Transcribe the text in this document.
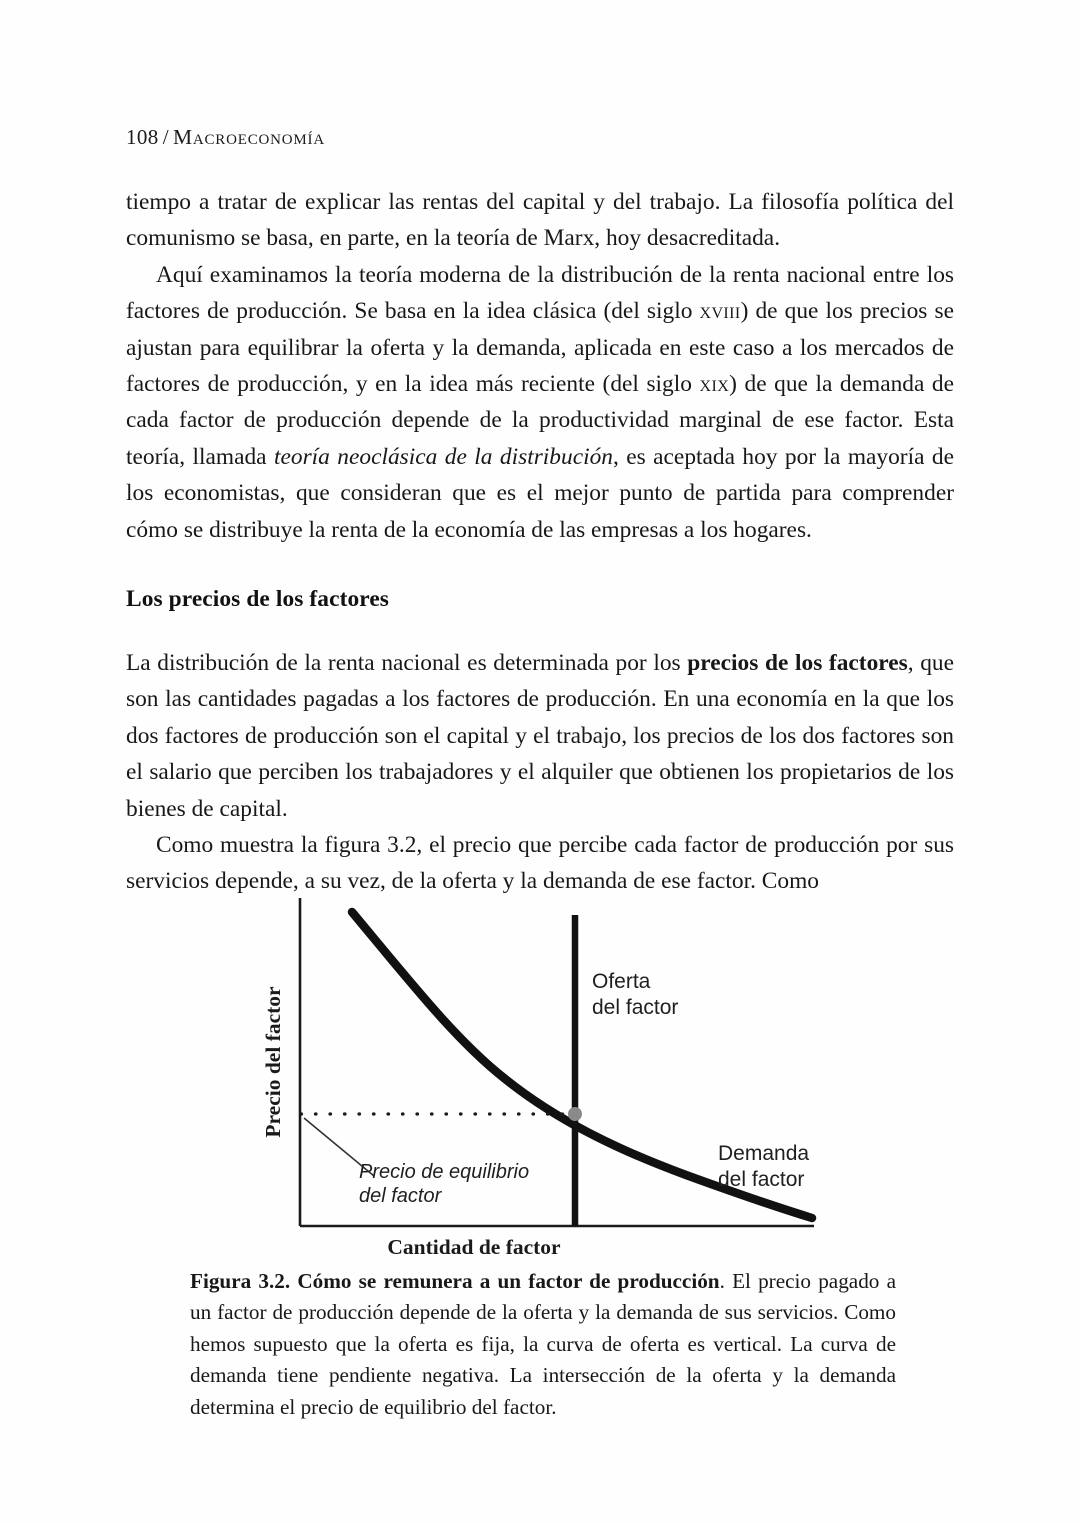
108 / Macroeconomía

tiempo a tratar de explicar las rentas del capital y del trabajo. La filosofía política del comunismo se basa, en parte, en la teoría de Marx, hoy desacreditada.

Aquí examinamos la teoría moderna de la distribución de la renta nacional entre los factores de producción. Se basa en la idea clásica (del siglo xviii) de que los precios se ajustan para equilibrar la oferta y la demanda, aplicada en este caso a los mercados de factores de producción, y en la idea más reciente (del siglo xix) de que la demanda de cada factor de producción depende de la productividad marginal de ese factor. Esta teoría, llamada teoría neoclásica de la distribución, es aceptada hoy por la mayoría de los economistas, que consideran que es el mejor punto de partida para comprender cómo se distribuye la renta de la economía de las empresas a los hogares.

Los precios de los factores

La distribución de la renta nacional es determinada por los precios de los factores, que son las cantidades pagadas a los factores de producción. En una economía en la que los dos factores de producción son el capital y el trabajo, los precios de los dos factores son el salario que perciben los trabajadores y el alquiler que obtienen los propietarios de los bienes de capital.

Como muestra la figura 3.2, el precio que percibe cada factor de producción por sus servicios depende, a su vez, de la oferta y la demanda de ese factor. Como

Oferta
del factor
Demanda
del factor
Precio de equilibrio
del factor
Cantidad de factor
Precio del factor
Figura 3.2. Cómo se remunera a un factor de producción. El precio pagado a un factor de producción depende de la oferta y la demanda de sus servicios. Como hemos supuesto que la oferta es fija, la curva de oferta es vertical. La curva de demanda tiene pendiente negativa. La intersección de la oferta y la demanda determina el precio de equilibrio del factor.
